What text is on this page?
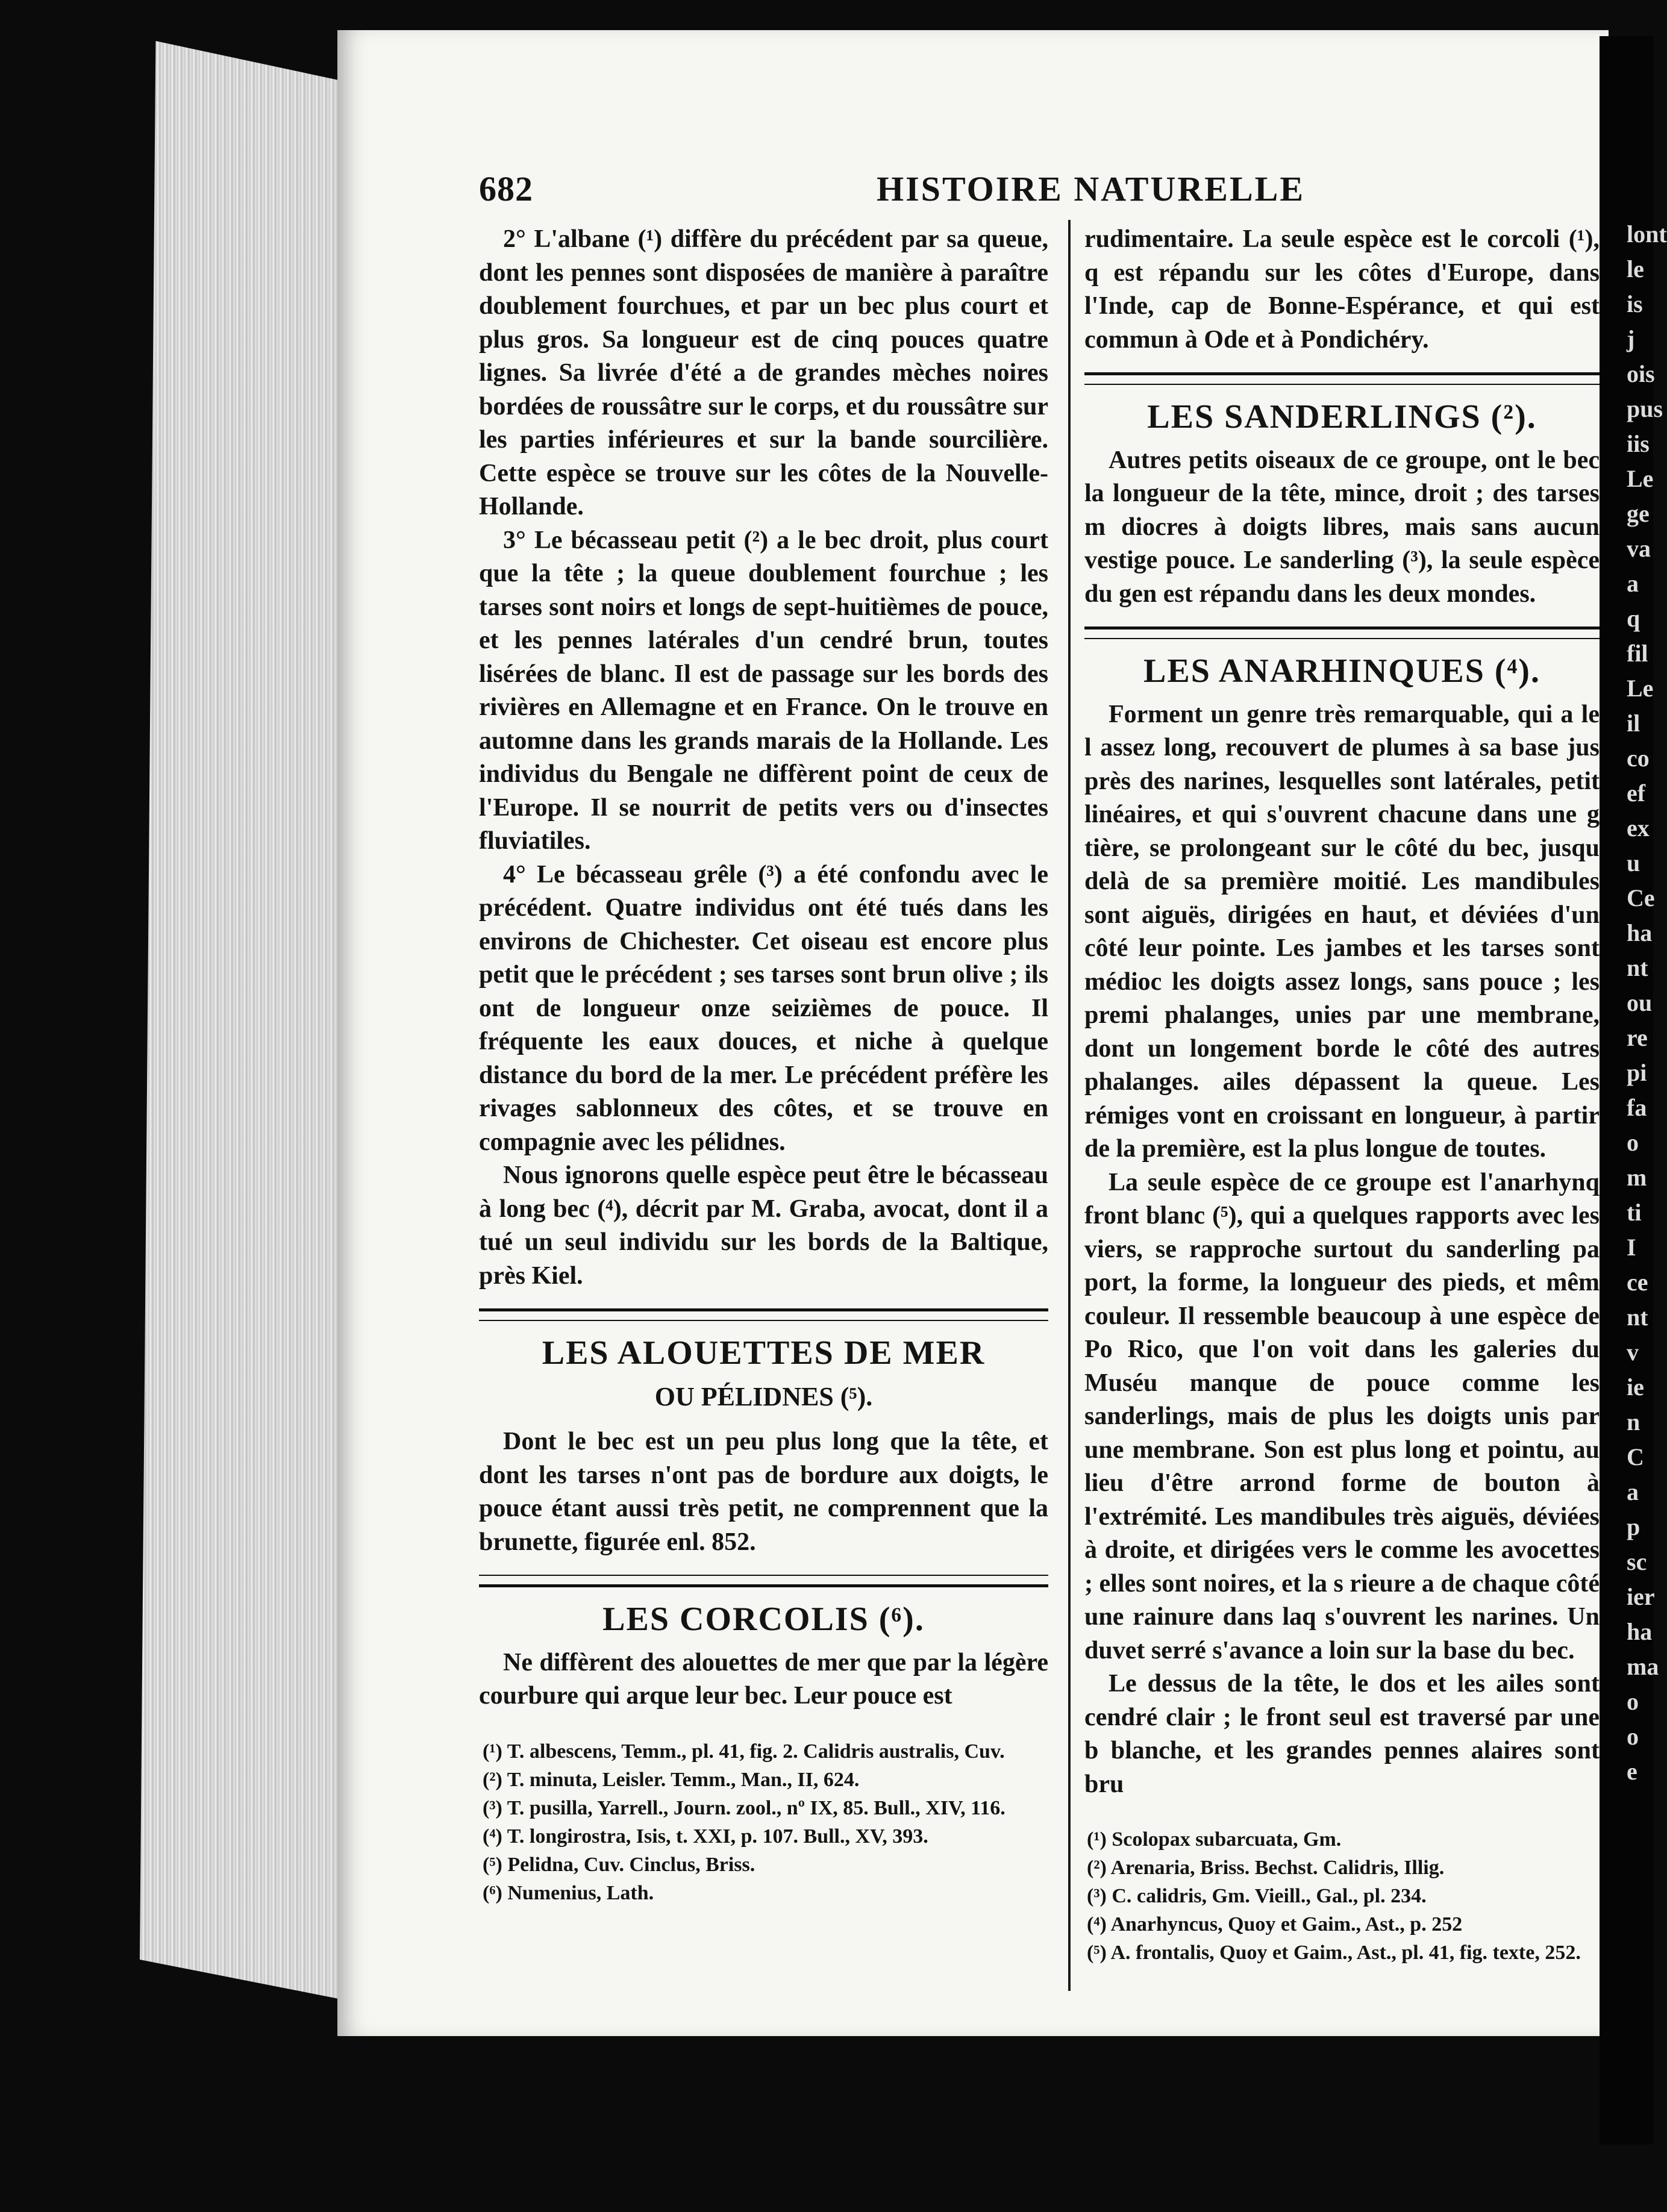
lont le is j ois pus iis Le ge va a q fil Le il co ef ex u Ce ha nt ou re pi fa o m ti I ce nt v ie n C a p sc ier ha ma o o e
682	HISTOIRE NATURELLE

2° L'albane (¹) diffère du précédent par sa queue, dont les pennes sont disposées de manière à paraître doublement fourchues, et par un bec plus court et plus gros. Sa longueur est de cinq pouces quatre lignes. Sa livrée d'été a de grandes mèches noires bordées de roussâtre sur le corps, et du roussâtre sur les parties inférieures et sur la bande sourcilière. Cette espèce se trouve sur les côtes de la Nouvelle-Hollande.

3° Le bécasseau petit (²) a le bec droit, plus court que la tête ; la queue doublement fourchue ; les tarses sont noirs et longs de sept-huitièmes de pouce, et les pennes latérales d'un cendré brun, toutes lisérées de blanc. Il est de passage sur les bords des rivières en Allemagne et en France. On le trouve en automne dans les grands marais de la Hollande. Les individus du Bengale ne diffèrent point de ceux de l'Europe. Il se nourrit de petits vers ou d'insectes fluviatiles.

4° Le bécasseau grêle (³) a été confondu avec le précédent. Quatre individus ont été tués dans les environs de Chichester. Cet oiseau est encore plus petit que le précédent ; ses tarses sont brun olive ; ils ont de longueur onze seizièmes de pouce. Il fréquente les eaux douces, et niche à quelque distance du bord de la mer. Le précédent préfère les rivages sablonneux des côtes, et se trouve en compagnie avec les pélidnes.

Nous ignorons quelle espèce peut être le bécasseau à long bec (⁴), décrit par M. Graba, avocat, dont il a tué un seul individu sur les bords de la Baltique, près Kiel.

LES ALOUETTES DE MER
OU PÉLIDNES (⁵).

Dont le bec est un peu plus long que la tête, et dont les tarses n'ont pas de bordure aux doigts, le pouce étant aussi très petit, ne comprennent que la brunette, figurée enl. 852.

LES CORCOLIS (⁶).

Ne diffèrent des alouettes de mer que par la légère courbure qui arque leur bec. Leur pouce est

(¹) T. albescens, Temm., pl. 41, fig. 2. Calidris australis, Cuv.
(²) T. minuta, Leisler. Temm., Man., II, 624.
(³) T. pusilla, Yarrell., Journ. zool., nº IX, 85. Bull., XIV, 116.
(⁴) T. longirostra, Isis, t. XXI, p. 107. Bull., XV, 393.
(⁵) Pelidna, Cuv. Cinclus, Briss.
(⁶) Numenius, Lath.

rudimentaire. La seule espèce est le corcoli (¹), q est répandu sur les côtes d'Europe, dans l'Inde, cap de Bonne-Espérance, et qui est commun à Ode et à Pondichéry.

LES SANDERLINGS (²).

Autres petits oiseaux de ce groupe, ont le bec la longueur de la tête, mince, droit ; des tarses m diocres à doigts libres, mais sans aucun vestige pouce. Le sanderling (³), la seule espèce du gen est répandu dans les deux mondes.

LES ANARHINQUES (⁴).

Forment un genre très remarquable, qui a le l assez long, recouvert de plumes à sa base jus près des narines, lesquelles sont latérales, petit linéaires, et qui s'ouvrent chacune dans une g tière, se prolongeant sur le côté du bec, jusqu delà de sa première moitié. Les mandibules sont aiguës, dirigées en haut, et déviées d'un côté leur pointe. Les jambes et les tarses sont médioc les doigts assez longs, sans pouce ; les premi phalanges, unies par une membrane, dont un longement borde le côté des autres phalanges. ailes dépassent la queue. Les rémiges vont en croissant en longueur, à partir de la première, est la plus longue de toutes.

La seule espèce de ce groupe est l'anarhynq front blanc (⁵), qui a quelques rapports avec les viers, se rapproche surtout du sanderling pa port, la forme, la longueur des pieds, et mêm couleur. Il ressemble beaucoup à une espèce de Po Rico, que l'on voit dans les galeries du Muséu manque de pouce comme les sanderlings, mais de plus les doigts unis par une membrane. Son est plus long et pointu, au lieu d'être arrond forme de bouton à l'extrémité. Les mandibules très aiguës, déviées à droite, et dirigées vers le comme les avocettes ; elles sont noires, et la s rieure a de chaque côté une rainure dans laq s'ouvrent les narines. Un duvet serré s'avance a loin sur la base du bec.

Le dessus de la tête, le dos et les ailes sont cendré clair ; le front seul est traversé par une b blanche, et les grandes pennes alaires sont bru

(¹) Scolopax subarcuata, Gm.
(²) Arenaria, Briss. Bechst. Calidris, Illig.
(³) C. calidris, Gm. Vieill., Gal., pl. 234.
(⁴) Anarhyncus, Quoy et Gaim., Ast., p. 252
(⁵) A. frontalis, Quoy et Gaim., Ast., pl. 41, fig. texte, 252.
